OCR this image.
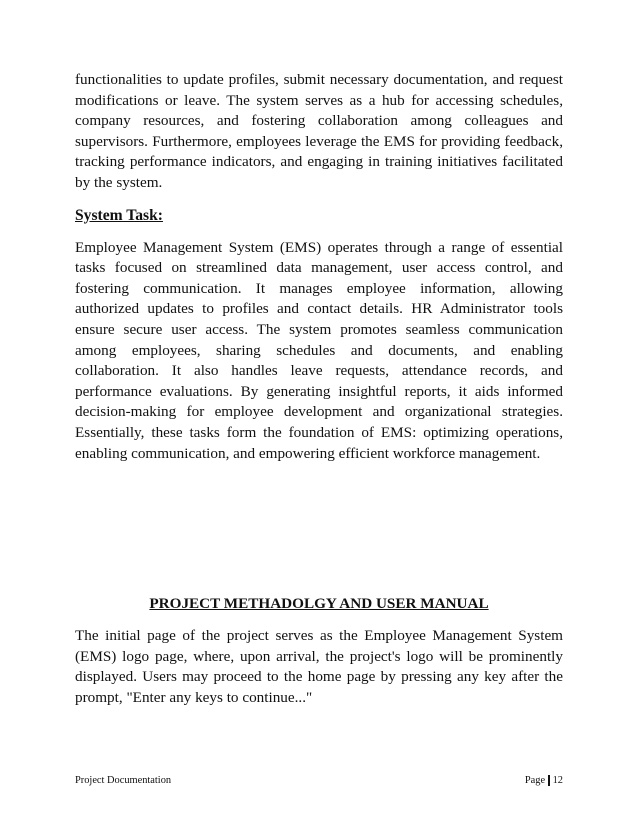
functionalities to update profiles, submit necessary documentation, and request modifications or leave. The system serves as a hub for accessing schedules, company resources, and fostering collaboration among colleagues and supervisors. Furthermore, employees leverage the EMS for providing feedback, tracking performance indicators, and engaging in training initiatives facilitated by the system.

System Task:

Employee Management System (EMS) operates through a range of essential tasks focused on streamlined data management, user access control, and fostering communication. It manages employee information, allowing authorized updates to profiles and contact details. HR Administrator tools ensure secure user access. The system promotes seamless communication among employees, sharing schedules and documents, and enabling collaboration. It also handles leave requests, attendance records, and performance evaluations. By generating insightful reports, it aids informed decision-making for employee development and organizational strategies. Essentially, these tasks form the foundation of EMS: optimizing operations, enabling communication, and empowering efficient workforce management.

PROJECT METHADOLGY AND USER MANUAL

The initial page of the project serves as the Employee Management System (EMS) logo page, where, upon arrival, the project's logo will be prominently displayed. Users may proceed to the home page by pressing any key after the prompt, "Enter any keys to continue..."

Project Documentation	Page 12
